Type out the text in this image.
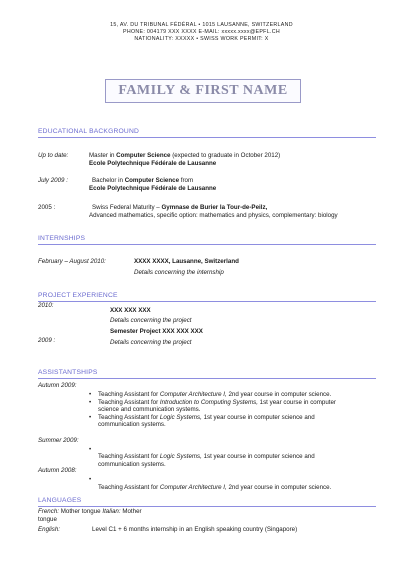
15, AV. DU TRIBUNAL FÉDÉRAL • 1015 LAUSANNE, SWITZERLAND
PHONE: 004179 XXX XXXX E-MAIL: xxxxx.xxxx@EPFL.CH
NATIONALITY: XXXXX • SWISS WORK PERMIT: X
FAMILY & FIRST NAME
EDUCATIONAL BACKGROUND
Up to date:	Master in Computer Science (expected to graduate in October 2012)
Ecole Polytechnique Fédérale de Lausanne
July 2009 :	Bachelor in Computer Science from
Ecole Polytechnique Fédérale de Lausanne
2005 :	Swiss Federal Maturity – Gymnase de Burier la Tour-de-Peilz,
Advanced mathematics, specific option: mathematics and physics, complementary: biology
INTERNSHIPS
February – August 2010:	XXXX XXXX, Lausanne, Switzerland
Details concerning the internship
PROJECT EXPERIENCE
2010:
XXX XXX XXX
Details concerning the project
2009 :
Semester Project XXX XXX XXX
Details concerning the project
ASSISTANTSHIPS
Autumn 2009:
• Teaching Assistant for Computer Architecture I, 2nd year course in computer science.
• Teaching Assistant for Introduction to Computing Systems, 1st year course in computer
science and communication systems.
• Teaching Assistant for Logic Systems, 1st year course in computer science and
communication systems.
Summer 2009:
•
Teaching Assistant for Logic Systems, 1st year course in computer science and
communication systems.
Autumn 2008:
•
Teaching Assistant for Computer Architecture I, 2nd year course in computer science.
LANGUAGES
French: Mother tongue Italian: Mother
tongue
English:	Level C1 + 6 months internship in an English speaking country (Singapore)
